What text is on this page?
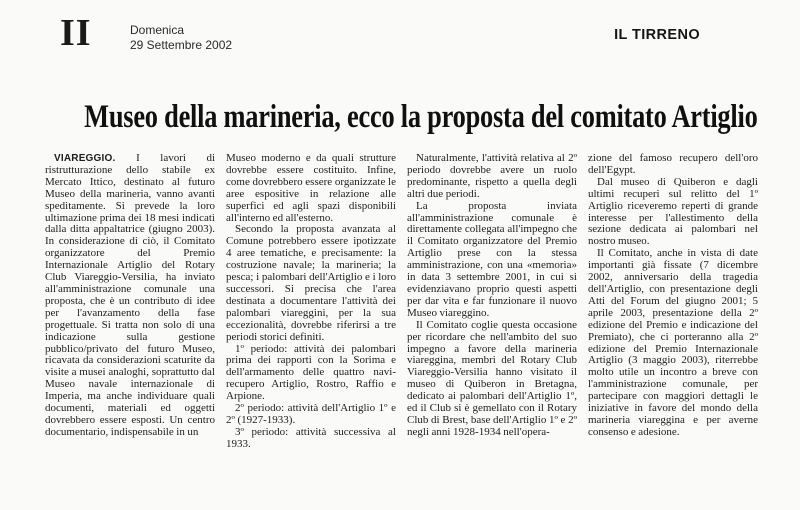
II	Domenica
29 Settembre 2002
IL TIRRENO
Museo della marineria, ecco la proposta del comitato Artiglio

VIAREGGIO. I lavori di ristrutturazione dello stabile ex Mercato Ittico, destinato al futuro Museo della marineria, vanno avanti speditamente. Si prevede la loro ultimazione prima dei 18 mesi indicati dalla ditta appaltatrice (giugno 2003). In considerazione di ciò, il Comitato organizzatore del Premio Internazionale Artiglio del Rotary Club Viareggio-Versilia, ha inviato all'amministrazione comunale una proposta, che è un contributo di idee per l'avanzamento della fase progettuale. Si tratta non solo di una indicazione sulla gestione pubblico/privato del futuro Museo, ricavata da considerazioni scaturite da visite a musei analoghi, soprattutto dal Museo navale internazionale di Imperia, ma anche individuare quali documenti, materiali ed oggetti dovrebbero essere esposti. Un centro documentario, indispensabile in un

Museo moderno e da quali strutture dovrebbe essere costituito. Infine, come dovrebbero essere organizzate le aree espositive in relazione alle superfici ed agli spazi disponibili all'interno ed all'esterno.

Secondo la proposta avanzata al Comune potrebbero essere ipotizzate 4 aree tematiche, e precisamente: la costruzione navale; la marineria; la pesca; i palombari dell'Artiglio e i loro successori. Si precisa che l'area destinata a documentare l'attività dei palombari viareggini, per la sua eccezionalità, dovrebbe riferirsi a tre periodi storici definiti.

1º periodo: attività dei palombari prima dei rapporti con la Sorima e dell'armamento delle quattro navi-recupero Artiglio, Rostro, Raffio e Arpione.

2º periodo: attività dell'Artiglio 1º e 2º (1927-1933).

3º periodo: attività successiva al 1933.

Naturalmente, l'attività relativa al 2º periodo dovrebbe avere un ruolo predominante, rispetto a quella degli altri due periodi.

La proposta inviata all'amministrazione comunale è direttamente collegata all'impegno che il Comitato organizzatore del Premio Artiglio prese con la stessa amministrazione, con una «memoria» in data 3 settembre 2001, in cui si evidenziavano proprio questi aspetti per dar vita e far funzionare il nuovo Museo viareggino.

Il Comitato coglie questa occasione per ricordare che nell'ambito del suo impegno a favore della marineria viareggina, membri del Rotary Club Viareggio-Versilia hanno visitato il museo di Quiberon in Bretagna, dedicato ai palombari dell'Artiglio 1º, ed il Club si è gemellato con il Rotary Club di Brest, base dell'Artiglio 1º e 2º negli anni 1928-1934 nell'opera-

zione del famoso recupero dell'oro dell'Egypt.

Dal museo di Quiberon e dagli ultimi recuperi sul relitto del 1º Artiglio riceveremo reperti di grande interesse per l'allestimento della sezione dedicata ai palombari nel nostro museo.

Il Comitato, anche in vista di date importanti già fissate (7 dicembre 2002, anniversario della tragedia dell'Artiglio, con presentazione degli Atti del Forum del giugno 2001; 5 aprile 2003, presentazione della 2º edizione del Premio e indicazione del Premiato), che ci porteranno alla 2º edizione del Premio Internazionale Artiglio (3 maggio 2003), riterrebbe molto utile un incontro a breve con l'amministrazione comunale, per partecipare con maggiori dettagli le iniziative in favore del mondo della marineria viareggina e per averne consenso e adesione.
